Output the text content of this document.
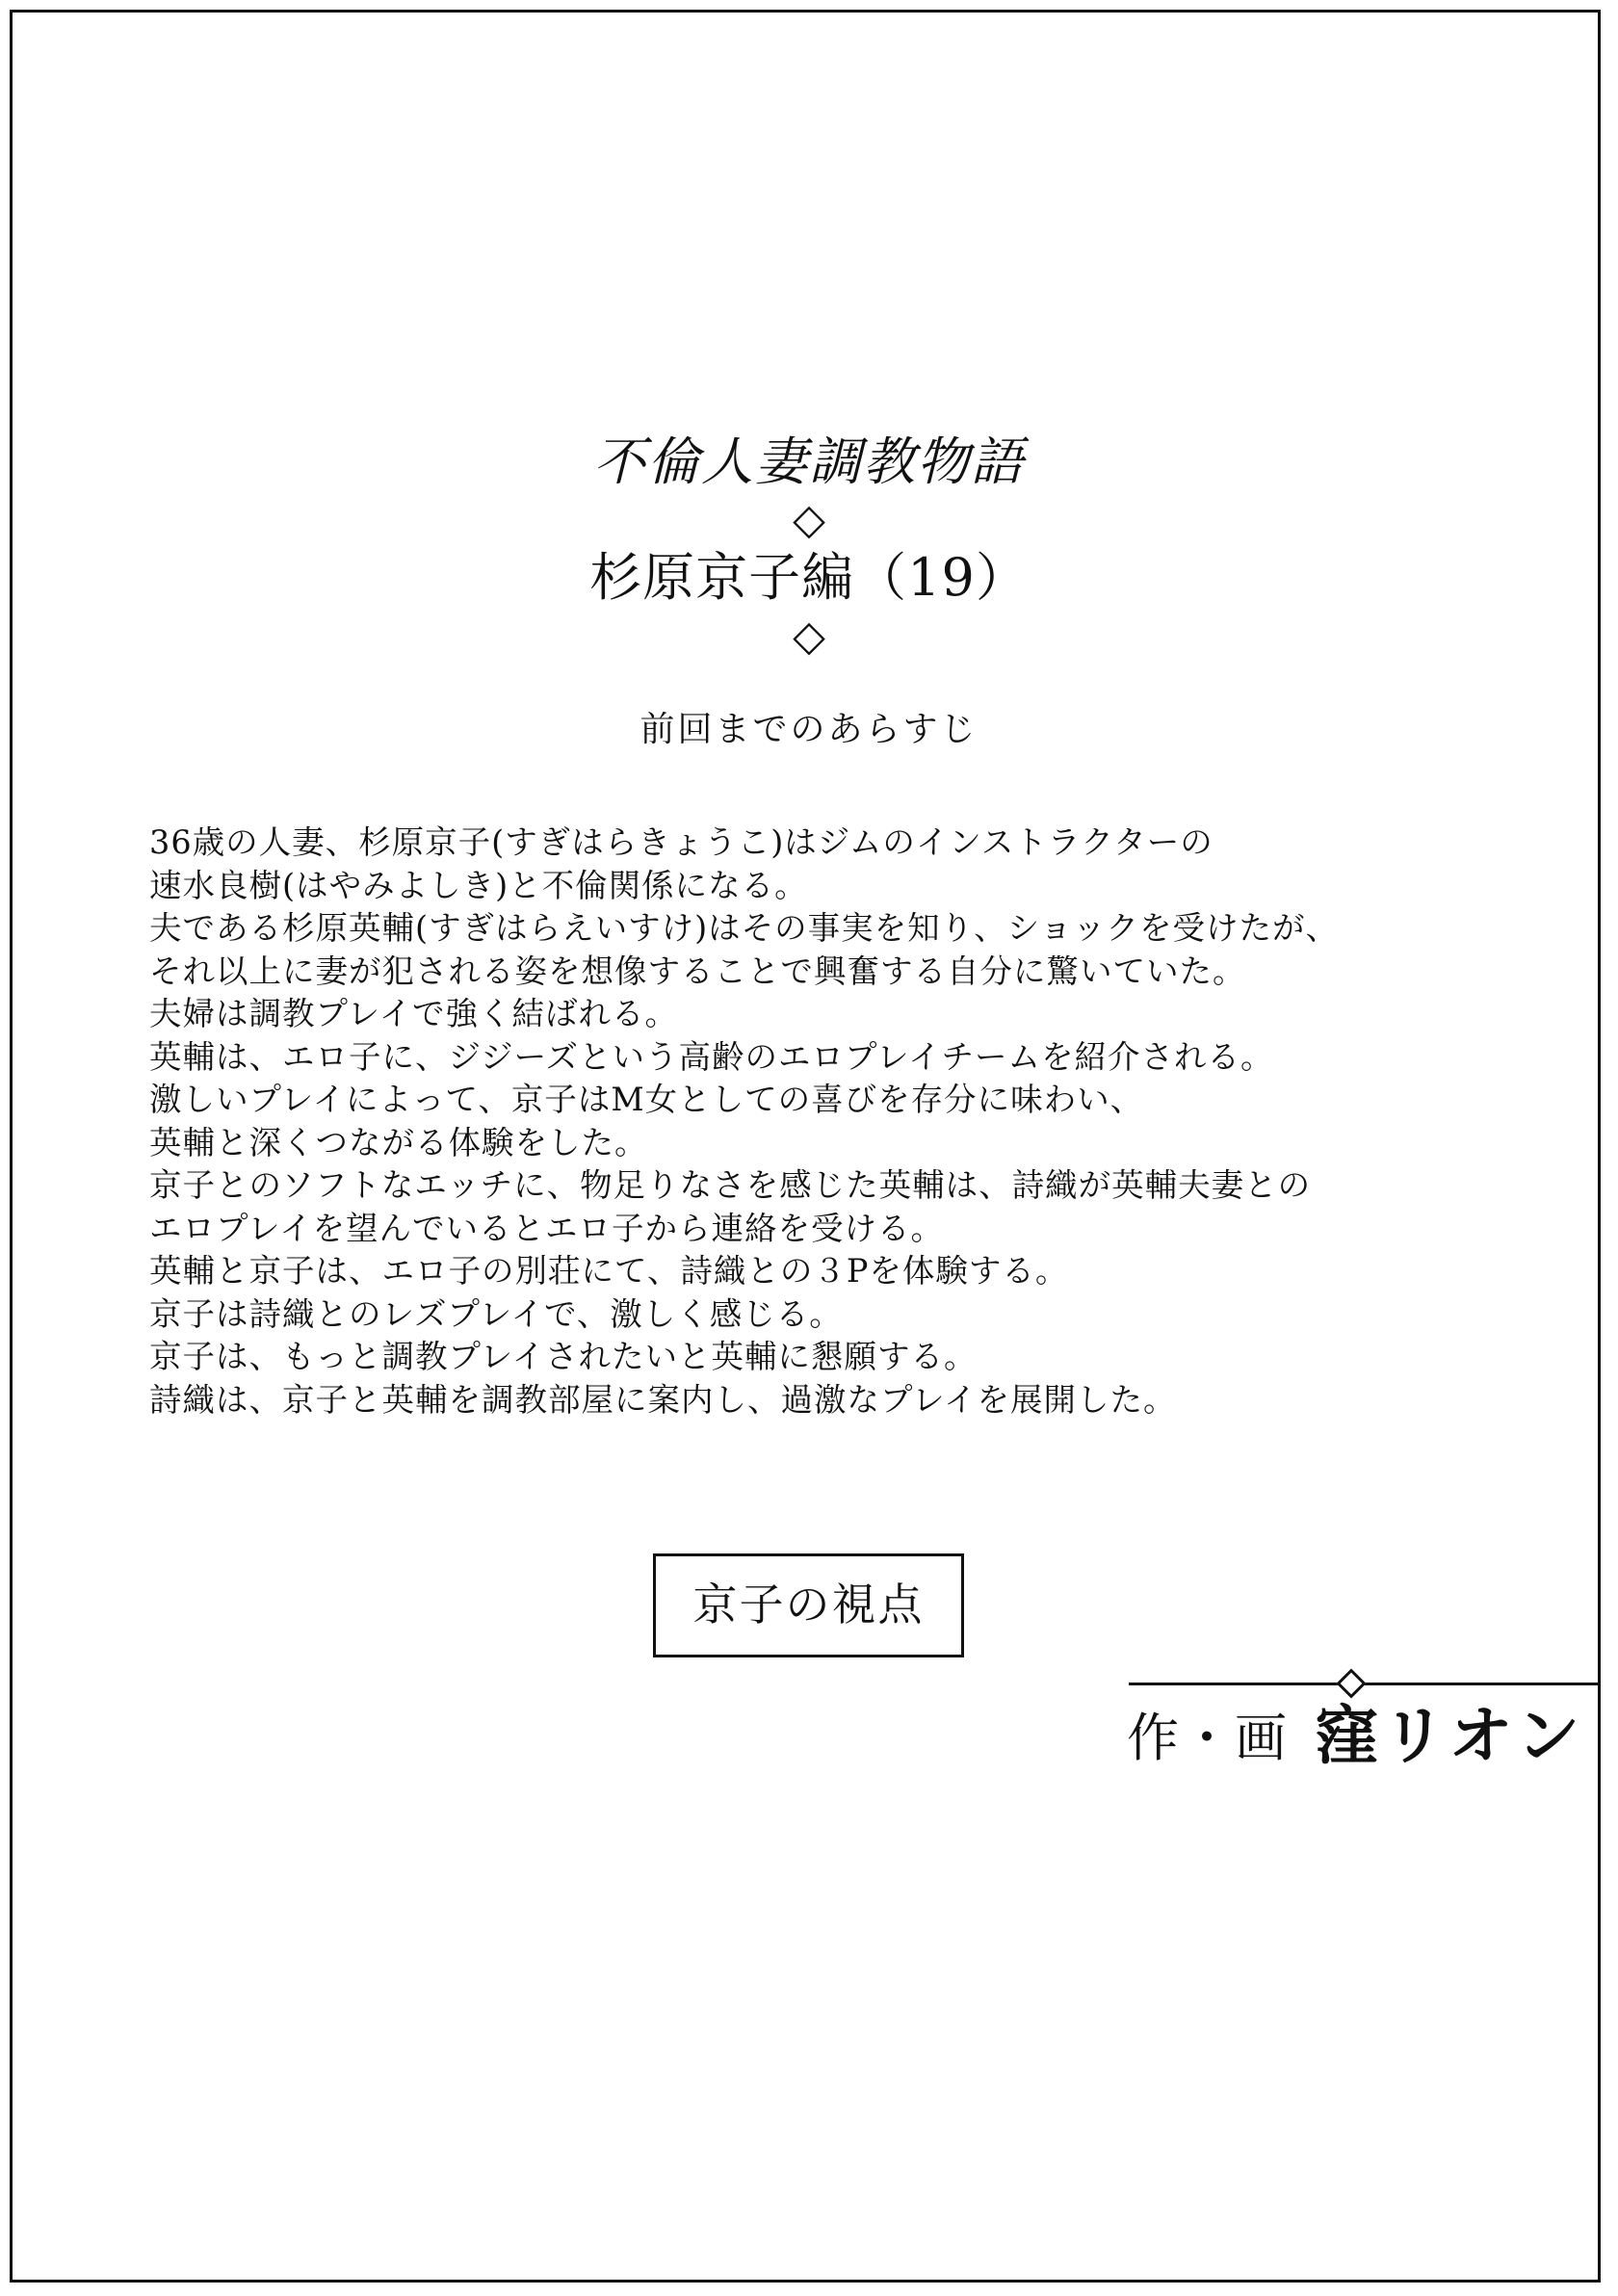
不倫人妻調教物語
◇
杉原京子編（19）
◇
前回までのあらすじ
36歳の人妻、杉原京子(すぎはらきょうこ)はジムのインストラクターの
速水良樹(はやみよしき)と不倫関係になる。
夫である杉原英輔(すぎはらえいすけ)はその事実を知り、ショックを受けたが、
それ以上に妻が犯される姿を想像することで興奮する自分に驚いていた。
夫婦は調教プレイで強く結ばれる。
英輔は、エロ子に、ジジーズという高齢のエロプレイチームを紹介される。
激しいプレイによって、京子はM女としての喜びを存分に味わい、
英輔と深くつながる体験をした。
京子とのソフトなエッチに、物足りなさを感じた英輔は、詩織が英輔夫妻との
エロプレイを望んでいるとエロ子から連絡を受ける。
英輔と京子は、エロ子の別荘にて、詩織との３Pを体験する。
京子は詩織とのレズプレイで、激しく感じる。
京子は、もっと調教プレイされたいと英輔に懇願する。
詩織は、京子と英輔を調教部屋に案内し、過激なプレイを展開した。
京子の視点
作・画 窪リオン
